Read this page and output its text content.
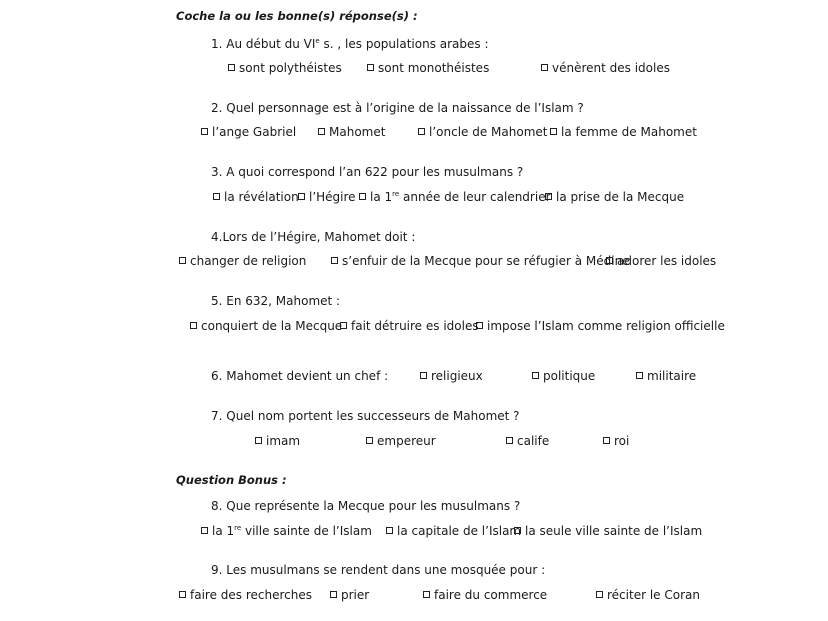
Coche la ou les bonne(s) réponse(s) :
1. Au début du VIe s. , les populations arabes :
sont polythéistes	sont monothéistes	vénèrent des idoles
2. Quel personnage est à l’origine de la naissance de l’Islam ?
l’ange Gabriel	Mahomet	l’oncle de Mahomet	la femme de Mahomet
3. A quoi correspond l’an 622 pour les musulmans ?
la révélation l’Hégire	la 1re année de leur calendrier la prise de la Mecque
4.Lors de l’Hégire, Mahomet doit :
changer de religion	s’enfuir de la Mecque pour se réfugier à Médine
adorer les idoles
5. En 632, Mahomet :
conquiert de la Mecque fait détruire es idoles impose l’Islam comme religion officielle
6. Mahomet devient un chef :	religieux	politique	militaire
7. Quel nom portent les successeurs de Mahomet ?
imam	empereur	calife	roi
Question Bonus :
8. Que représente la Mecque pour les musulmans ?
la 1re ville sainte de l’Islam	la capitale de l’Islam la seule ville sainte de l’Islam
9. Les musulmans se rendent dans une mosquée pour :
faire des recherches	prier	faire du commerce	réciter le Coran
